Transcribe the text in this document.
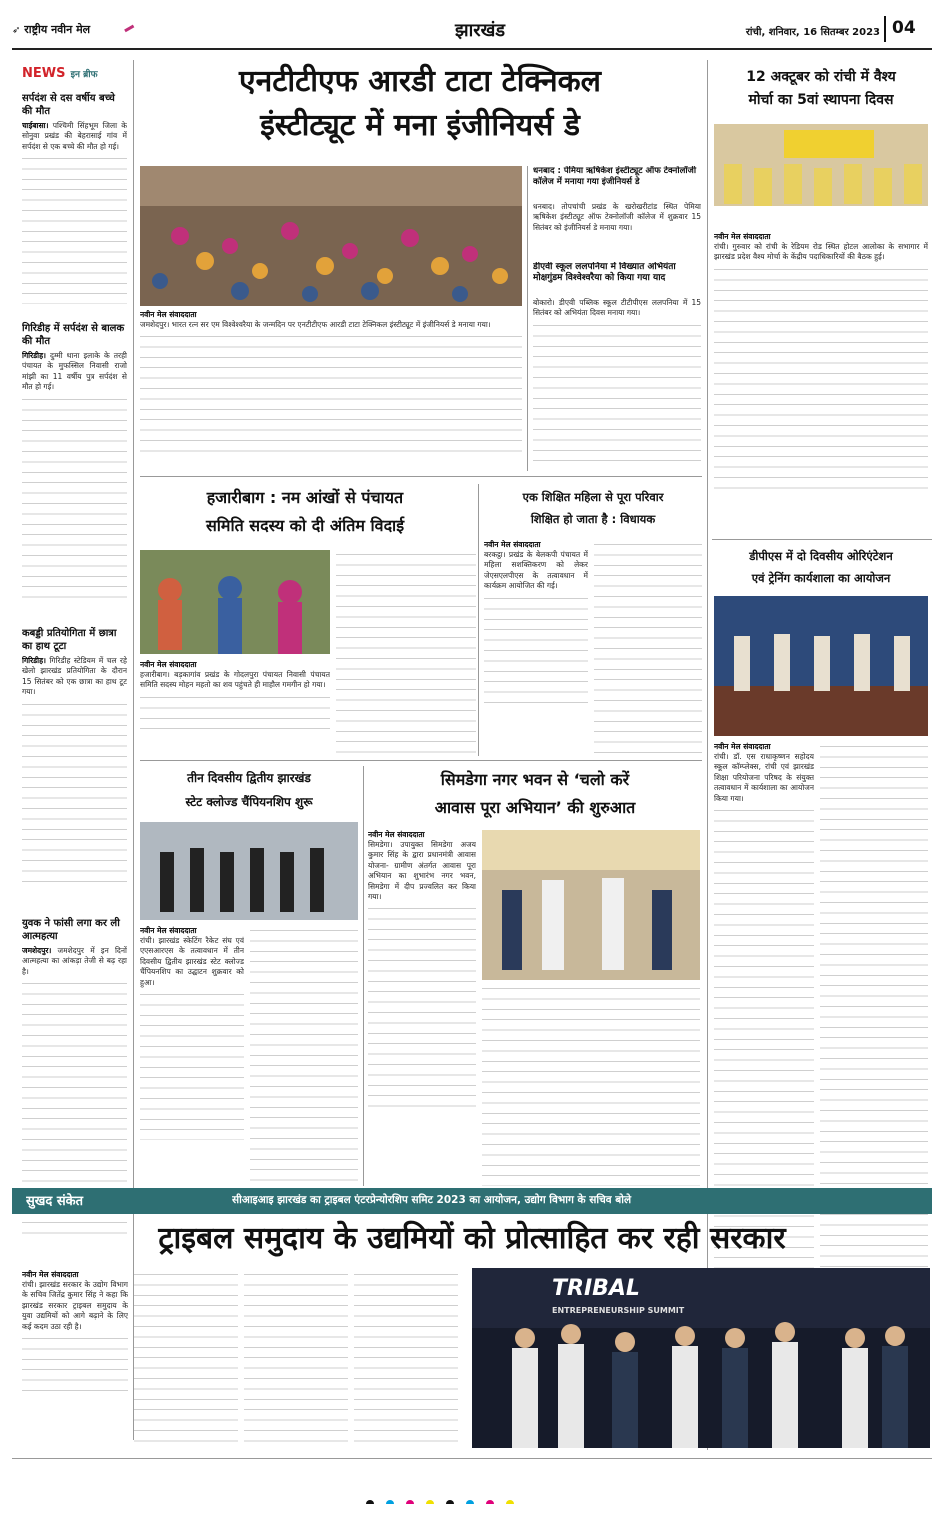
➶ राष्ट्रीय नवीन मेल	झारखंड	रांची, शनिवार, 16 सितम्बर 2023 04
NEWS इन ब्रीफ
सर्पदंश से दस वर्षीय बच्चे की मौत
चाईबासा। पश्चिमी सिंहभूम जिला के सोनुवा प्रखंड की बेहरासाई गांव में सर्पदंश से एक बच्चे की मौत हो गई।
गिरिडीह में सर्पदंश से बालक की मौत
गिरिडीह। दुम्मी थाना इलाके के तरही पंचायत के मुफस्सिल निवासी राजो मांझी का 11 वर्षीय पुत्र सर्पदंश से मौत हो गई।
कबड्डी प्रतियोगिता में छात्रा का हाथ टूटा
गिरिडीह। गिरिडीह स्टेडियम में चल रहे खेलो झारखंड प्रतियोगिता के दौरान 15 सितंबर को एक छात्रा का हाथ टूट गया।
युवक ने फांसी लगा कर ली आत्महत्या
जमशेदपुर। जमशेदपुर में इन दिनों आत्महत्या का आंकड़ा तेजी से बढ़ रहा है।
एनटीटीएफ आरडी टाटा टेक्निकल
इंस्टीट्यूट में मना इंजीनियर्स डे
नवीन मेल संवाददाता
जमशेदपुर। भारत रत्न सर एम विश्वेश्वरैया के जन्मदिन पर एनटीटीएफ आरडी टाटा टेक्निकल इंस्टीट्यूट में इंजीनियर्स डे मनाया गया।
धनबाद : पेमिया ऋषिकेश इंस्टीट्यूट ऑफ टेक्नोलॉजी कॉलेज में मनाया गया इंजीनियर्स डे
धनबाद। तोपचांची प्रखंड के खरोखरीटांड स्थित पेमिया ऋषिकेश इंस्टीट्यूट ऑफ टेक्नोलॉजी कॉलेज में शुक्रवार 15 सितंबर को इंजीनियर्स डे मनाया गया।
डीएवी स्कूल ललपनिया में विख्यात अभियंता मोक्षगुंडम विश्वेश्वरैया को किया गया याद
बोकारो। डीएवी पब्लिक स्कूल टीटीपीएस ललपनिया में 15 सितंबर को अभियंता दिवस मनाया गया।
12 अक्टूबर को रांची में वैश्य
मोर्चा का 5वां स्थापना दिवस
नवीन मेल संवाददाता
रांची। गुरुवार को रांची के रेडियम रोड स्थित होटल आलोका के सभागार में झारखंड प्रदेश वैश्य मोर्चा के केंद्रीय पदाधिकारियों की बैठक हुई।
डीपीएस में दो दिवसीय ओरिएंटेशन
एवं ट्रेनिंग कार्यशाला का आयोजन
नवीन मेल संवाददाता
रांची। डॉ. एस राधाकृष्णन सहोदय स्कूल कॉम्प्लेक्स, रांची एवं झारखंड शिक्षा परियोजना परिषद के संयुक्त तत्वावधान में कार्यशाला का आयोजन किया गया।
हजारीबाग : नम आंखों से पंचायत
समिति सदस्य को दी अंतिम विदाई
नवीन मेल संवाददाता
हजारीबाग। बड़कागांव प्रखंड के गोदलपुरा पंचायत निवासी पंचायत समिति सदस्य मोहन महतो का शव पहुंचते ही माहौल गमगीन हो गया।
एक शिक्षित महिला से पूरा परिवार
शिक्षित हो जाता है : विधायक
नवीन मेल संवाददाता
बरकट्ठा। प्रखंड के बेलकपी पंचायत में महिला सशक्तिकरण को लेकर जेएसएलपीएस के तत्वावधान में कार्यक्रम आयोजित की गई।
तीन दिवसीय द्वितीय झारखंड
स्टेट क्लोज्ड चैंपियनशिप शुरू
नवीन मेल संवाददाता
रांची। झारखंड स्केटिंग रैकेट संघ एवं एएसआरएस के तत्वावधान में तीन दिवसीय द्वितीय झारखंड स्टेट क्लोज्ड चैंपियनशिप का उद्घाटन शुक्रवार को हुआ।
सिमडेगा नगर भवन से ‘चलो करें
आवास पूरा अभियान’ की शुरुआत
नवीन मेल संवाददाता
सिमडेगा। उपायुक्त सिमडेगा अजय कुमार सिंह के द्वारा प्रधानमंत्री आवास योजना- ग्रामीण अंतर्गत आवास पूरा अभियान का शुभारंभ नगर भवन, सिमडेगा में दीप प्रज्वलित कर किया गया।
सुखद संकेत	सीआइआइ झारखंड का ट्राइबल एंटरप्रेन्योरशिप समिट 2023 का आयोजन, उद्योग विभाग के सचिव बोले
ट्राइबल समुदाय के उद्यमियों को प्रोत्साहित कर रही सरकार
नवीन मेल संवाददाता
रांची। झारखंड सरकार के उद्योग विभाग के सचिव जितेंद्र कुमार सिंह ने कहा कि झारखंड सरकार ट्राइबल समुदाय के युवा उद्यमियों को आगे बढ़ाने के लिए कई कदम उठा रही है।
TRIBAL
ENTREPRENEURSHIP SUMMIT
